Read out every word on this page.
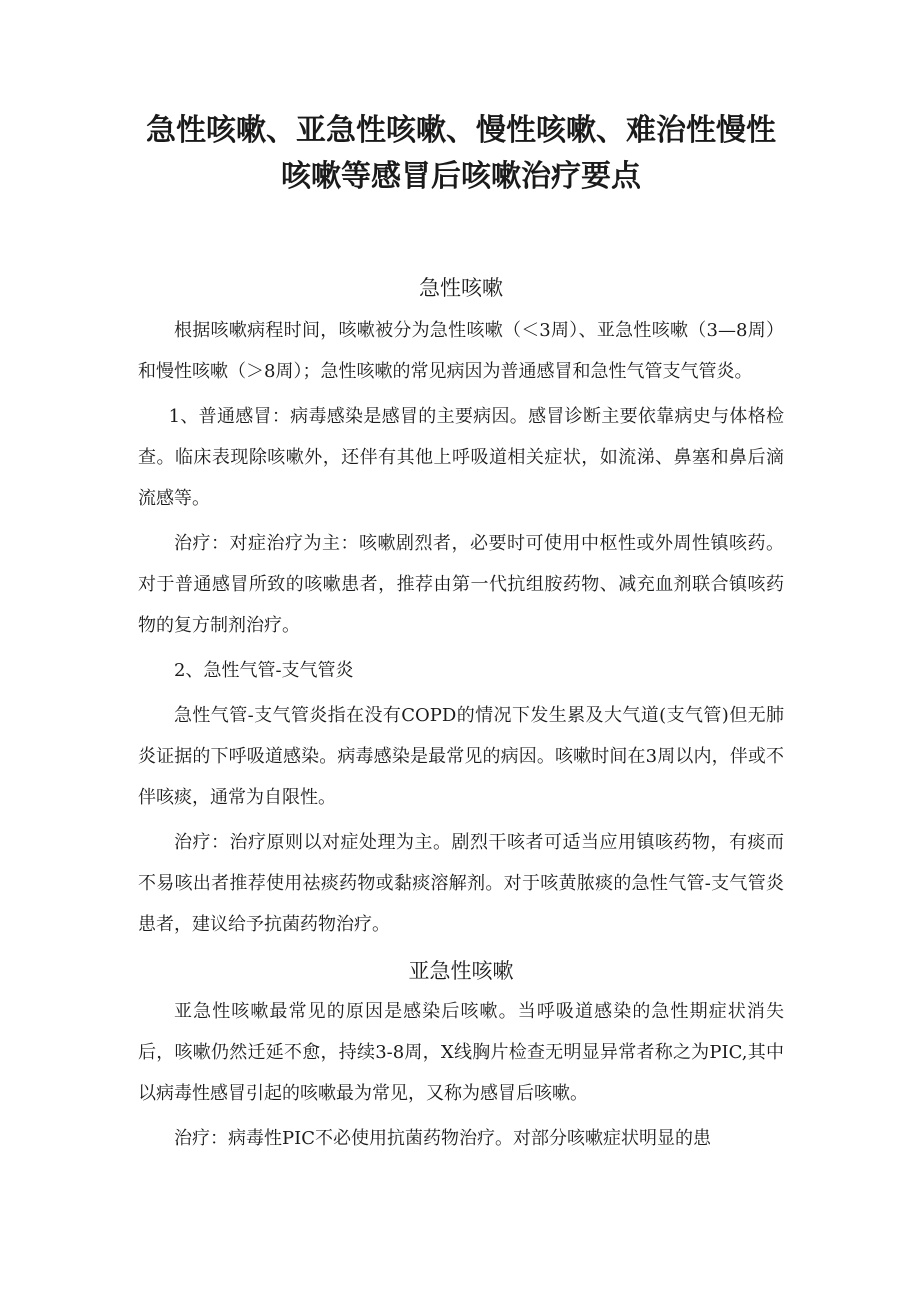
急性咳嗽、亚急性咳嗽、慢性咳嗽、难治性慢性咳嗽等感冒后咳嗽治疗要点
急性咳嗽

根据咳嗽病程时间，咳嗽被分为急性咳嗽（＜3周）、亚急性咳嗽（3—8周）和慢性咳嗽（＞8周）；急性咳嗽的常见病因为普通感冒和急性气管支气管炎。

1、普通感冒：病毒感染是感冒的主要病因。感冒诊断主要依靠病史与体格检查。临床表现除咳嗽外，还伴有其他上呼吸道相关症状，如流涕、鼻塞和鼻后滴流感等。

治疗：对症治疗为主：咳嗽剧烈者，必要时可使用中枢性或外周性镇咳药。对于普通感冒所致的咳嗽患者，推荐由第一代抗组胺药物、减充血剂联合镇咳药物的复方制剂治疗。

2、急性气管-支气管炎

急性气管-支气管炎指在没有COPD的情况下发生累及大气道(支气管)但无肺炎证据的下呼吸道感染。病毒感染是最常见的病因。咳嗽时间在3周以内，伴或不伴咳痰，通常为自限性。

治疗：治疗原则以对症处理为主。剧烈干咳者可适当应用镇咳药物，有痰而不易咳出者推荐使用祛痰药物或黏痰溶解剂。对于咳黄脓痰的急性气管-支气管炎患者，建议给予抗菌药物治疗。

亚急性咳嗽

亚急性咳嗽最常见的原因是感染后咳嗽。当呼吸道感染的急性期症状消失后，咳嗽仍然迁延不愈，持续3-8周，X线胸片检查无明显异常者称之为PIC,其中以病毒性感冒引起的咳嗽最为常见，又称为感冒后咳嗽。

治疗：病毒性PIC不必使用抗菌药物治疗。对部分咳嗽症状明显的患
